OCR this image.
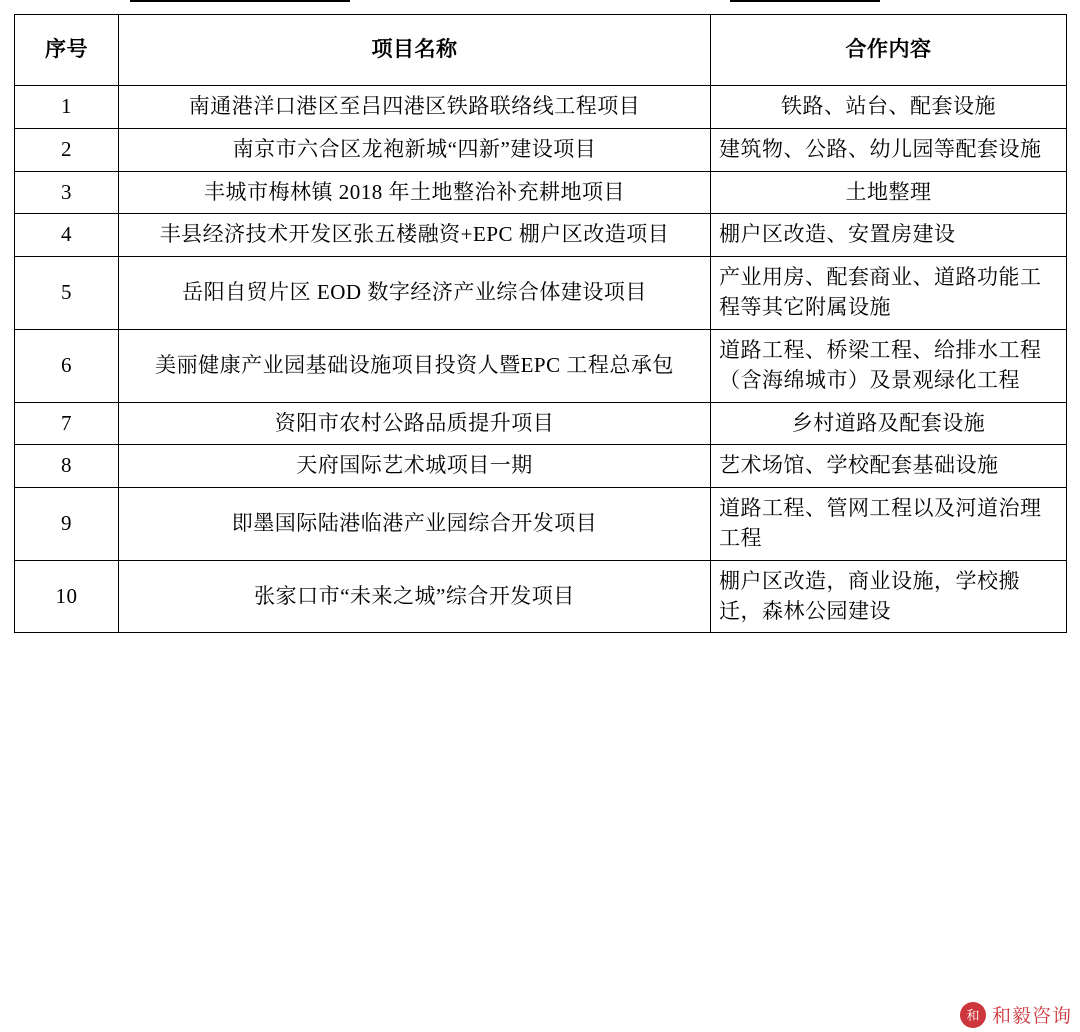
序号	项目名称	合作内容
1	南通港洋口港区至吕四港区铁路联络线工程项目	铁路、站台、配套设施
2	南京市六合区龙袍新城“四新”建设项目	建筑物、公路、幼儿园等配套设施
3	丰城市梅林镇 2018 年土地整治补充耕地项目	土地整理
4	丰县经济技术开发区张五楼融资+EPC 棚户区改造项目	棚户区改造、安置房建设
5	岳阳自贸片区 EOD 数字经济产业综合体建设项目	产业用房、配套商业、道路功能工程等其它附属设施
6	美丽健康产业园基础设施项目投资人暨EPC 工程总承包	道路工程、桥梁工程、给排水工程（含海绵城市）及景观绿化工程
7	资阳市农村公路品质提升项目	乡村道路及配套设施
8	天府国际艺术城项目一期	艺术场馆、学校配套基础设施
9	即墨国际陆港临港产业园综合开发项目	道路工程、管网工程以及河道治理工程
10	张家口市“未来之城”综合开发项目	棚户区改造，商业设施，学校搬迁，森林公园建设
和 和毅咨询
